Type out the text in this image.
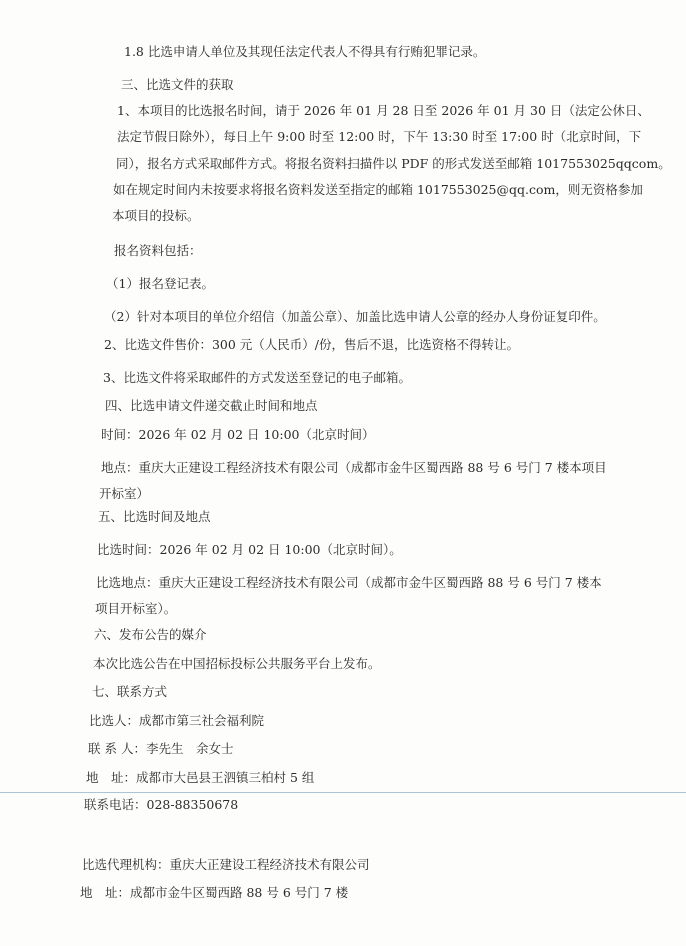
1.8 比选申请人单位及其现任法定代表人不得具有行贿犯罪记录。
三、比选文件的获取
1、本项目的比选报名时间，请于 2026 年 01 月 28 日至 2026 年 01 月 30 日（法定公休日、
法定节假日除外），每日上午 9:00 时至 12:00 时，下午 13:30 时至 17:00 时（北京时间，下
同），报名方式采取邮件方式。将报名资料扫描件以 PDF 的形式发送至邮箱 1017553025qqcom。
如在规定时间内未按要求将报名资料发送至指定的邮箱 1017553025@qq.com，则无资格参加
本项目的投标。
报名资料包括：
（1）报名登记表。
（2）针对本项目的单位介绍信（加盖公章）、加盖比选申请人公章的经办人身份证复印件。
2、比选文件售价：300 元（人民币）/份，售后不退，比选资格不得转让。
3、比选文件将采取邮件的方式发送至登记的电子邮箱。
四、比选申请文件递交截止时间和地点
时间：2026 年 02 月 02 日 10:00（北京时间）
地点：重庆大正建设工程经济技术有限公司（成都市金牛区蜀西路 88 号 6 号门 7 楼本项目
开标室）
五、比选时间及地点
比选时间：2026 年 02 月 02 日 10:00（北京时间）。
比选地点：重庆大正建设工程经济技术有限公司（成都市金牛区蜀西路 88 号 6 号门 7 楼本
项目开标室）。
六、发布公告的媒介
本次比选公告在中国招标投标公共服务平台上发布。
七、联系方式
比选人：成都市第三社会福利院
联 系 人：李先生　余女士
地　址：成都市大邑县王泗镇三柏村 5 组
联系电话：028-88350678
比选代理机构：重庆大正建设工程经济技术有限公司
地　址：成都市金牛区蜀西路 88 号 6 号门 7 楼
